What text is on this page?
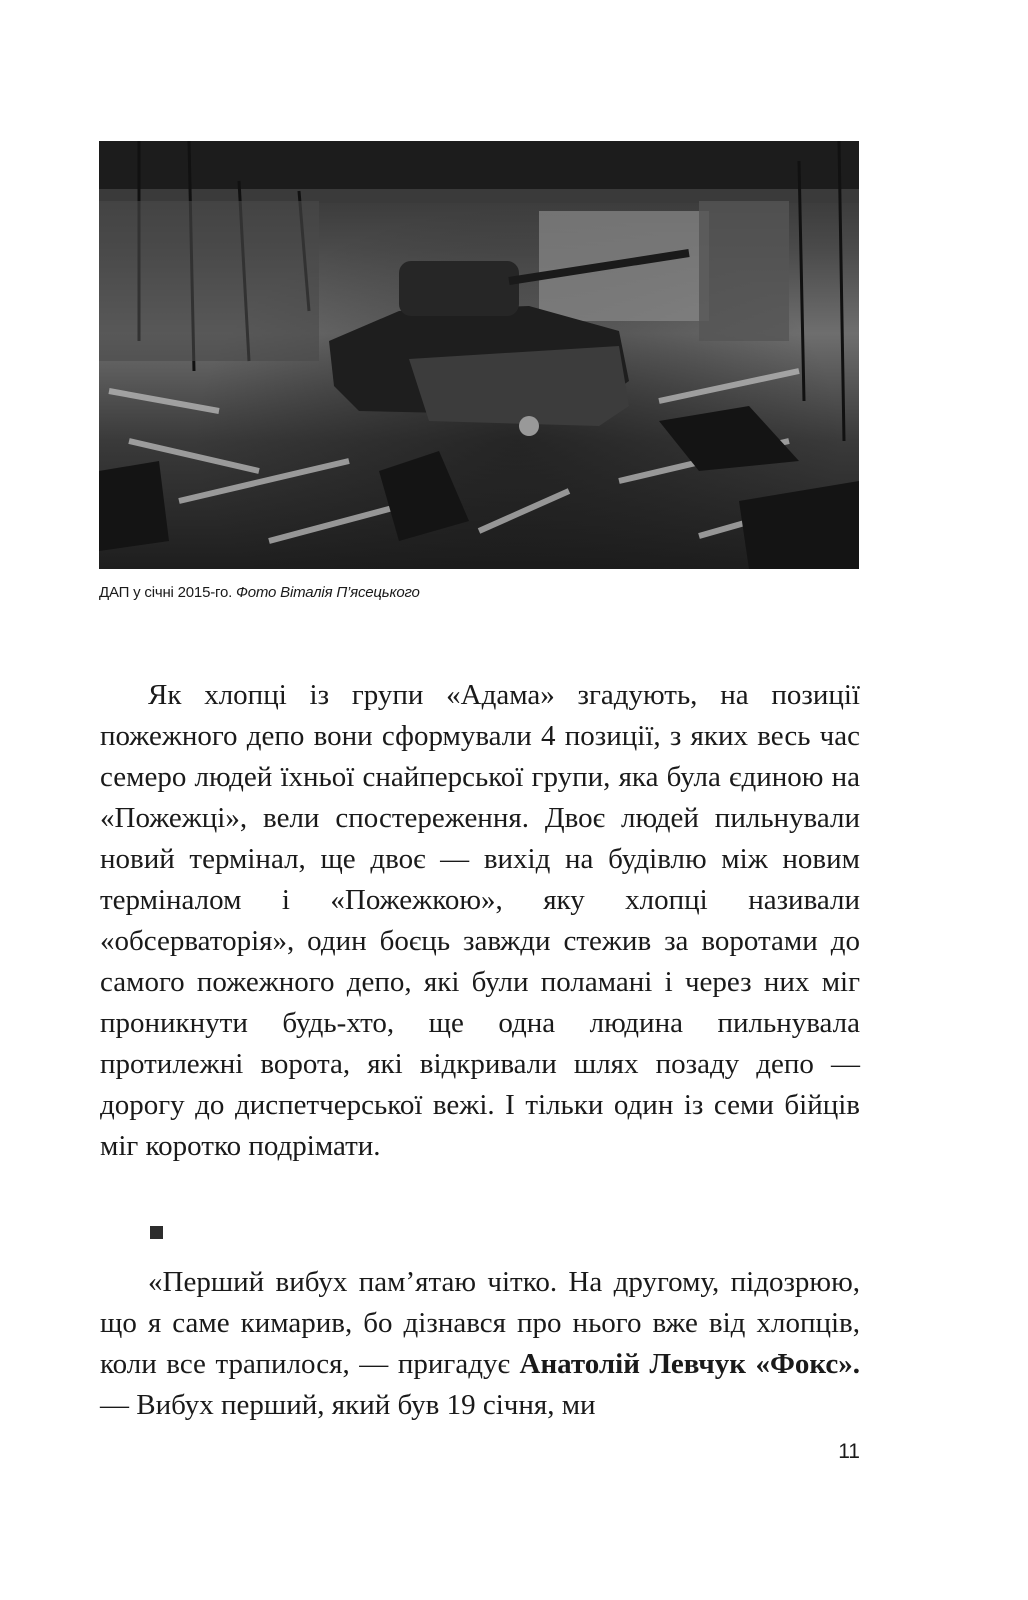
ДАП у січні 2015-го. Фото Віталія П’ясецького

Як хлопці із групи «Адама» згадують, на позиції пожежного депо вони сформували 4 позиції, з яких весь час семеро людей їхньої снайперської групи, яка була єдиною на «Пожежці», вели спостереження. Двоє людей пильнували новий термінал, ще двоє — вихід на будівлю між новим терміналом і «Пожежкою», яку хлопці називали «обсерваторія», один боєць завжди стежив за воротами до самого пожежного депо, які були поламані і через них міг проникнути будь-хто, ще одна людина пильнувала протилежні ворота, які відкривали шлях позаду депо — дорогу до диспетчерської вежі. І тільки один із семи бійців міг коротко подрімати.

«Перший вибух пам’ятаю чітко. На другому, підозрюю, що я саме кимарив, бо дізнався про нього вже від хлопців, коли все трапилося, — пригадує Анатолій Левчук «Фокс». — Вибух перший, який був 19 січня, ми

11
